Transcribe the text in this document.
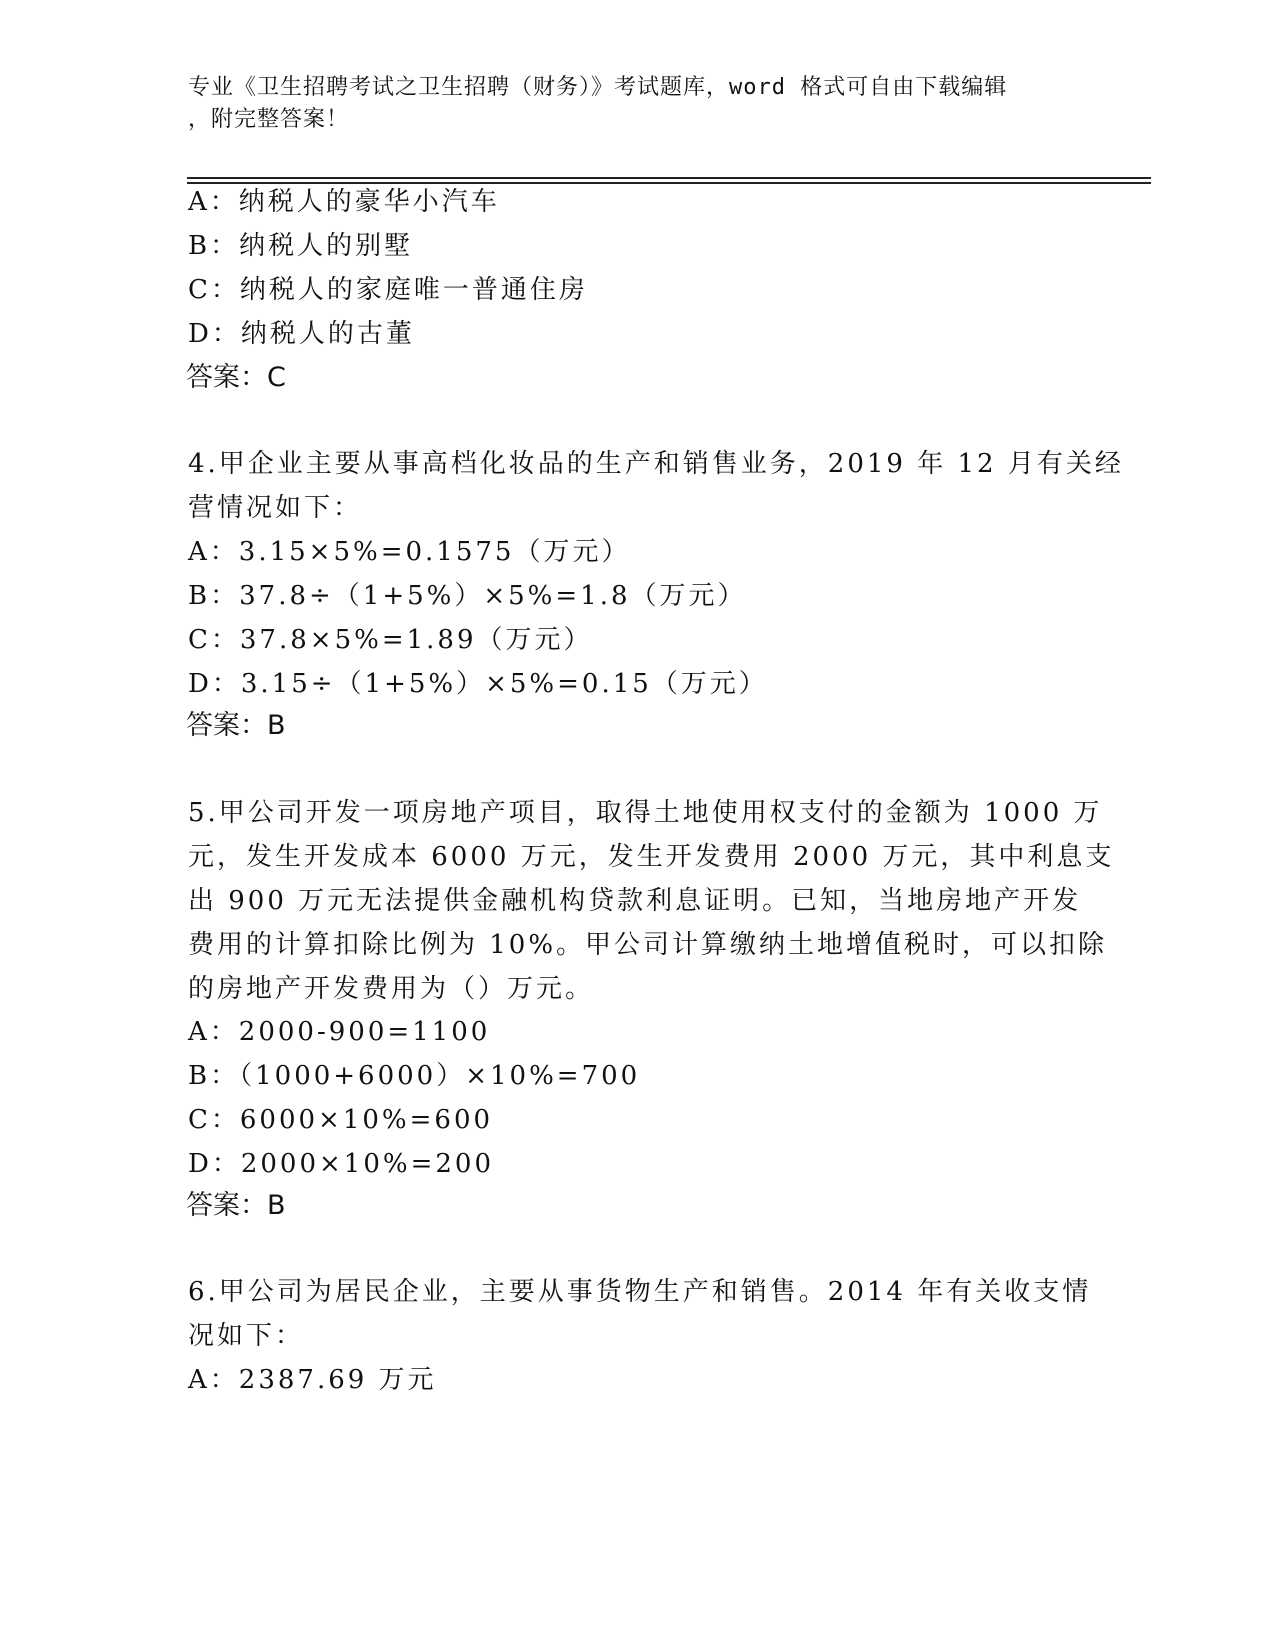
专业《卫生招聘考试之卫生招聘（财务）》考试题库，word 格式可自由下载编辑
，附完整答案！
A：纳税人的豪华小汽车
B：纳税人的别墅
C：纳税人的家庭唯一普通住房
D：纳税人的古董
答案：C
4.甲企业主要从事高档化妆品的生产和销售业务，2019 年 12 月有关经
营情况如下：
A：3.15×5%=0.1575（万元）
B：37.8÷（1+5%）×5%=1.8（万元）
C：37.8×5%=1.89（万元）
D：3.15÷（1+5%）×5%=0.15（万元）
答案：B
5.甲公司开发一项房地产项目，取得土地使用权支付的金额为 1000 万
元，发生开发成本 6000 万元，发生开发费用 2000 万元，其中利息支
出 900 万元无法提供金融机构贷款利息证明。已知，当地房地产开发
费用的计算扣除比例为 10%。甲公司计算缴纳土地增值税时，可以扣除
的房地产开发费用为（）万元。
A：2000-900=1100
B：（1000+6000）×10%=700
C：6000×10%=600
D：2000×10%=200
答案：B
6.甲公司为居民企业，主要从事货物生产和销售。2014 年有关收支情
况如下：
A：2387.69 万元
